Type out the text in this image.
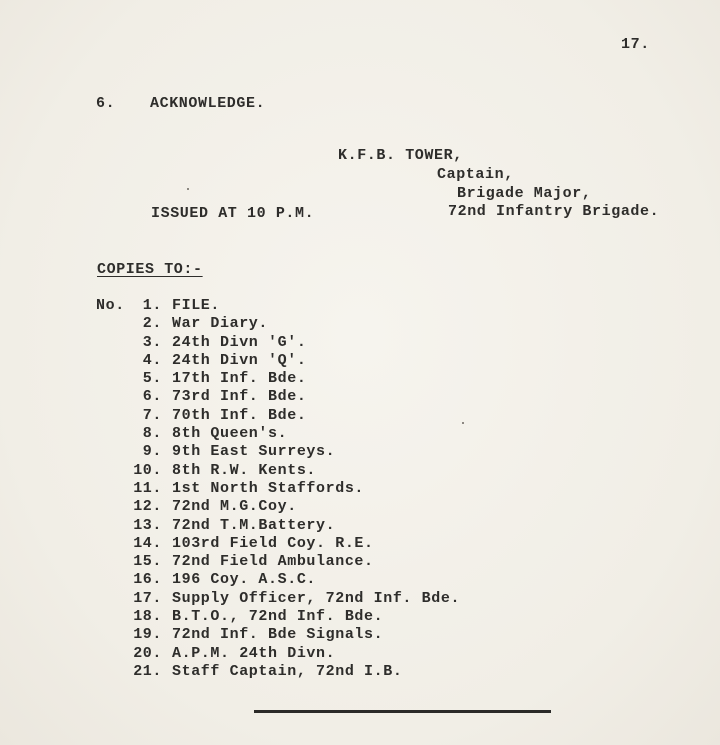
17.
6. ACKNOWLEDGE.
K.F.B. TOWER,
Captain,
Brigade Major,
72nd Infantry Brigade.
ISSUED AT 10 P.M.
COPIES TO:-
No.	1. FILE.
2. War Diary.
3. 24th Divn 'G'.
4. 24th Divn 'Q'.
5. 17th Inf. Bde.
6. 73rd Inf. Bde.
7. 70th Inf. Bde.
8. 8th Queen's.
9. 9th East Surreys.
10. 8th R.W. Kents.
11. 1st North Staffords.
12. 72nd M.G.Coy.
13. 72nd T.M.Battery.
14. 103rd Field Coy. R.E.
15. 72nd Field Ambulance.
16. 196 Coy. A.S.C.
17. Supply Officer, 72nd Inf. Bde.
18. B.T.O., 72nd Inf. Bde.
19. 72nd Inf. Bde Signals.
20. A.P.M. 24th Divn.
21. Staff Captain, 72nd I.B.
